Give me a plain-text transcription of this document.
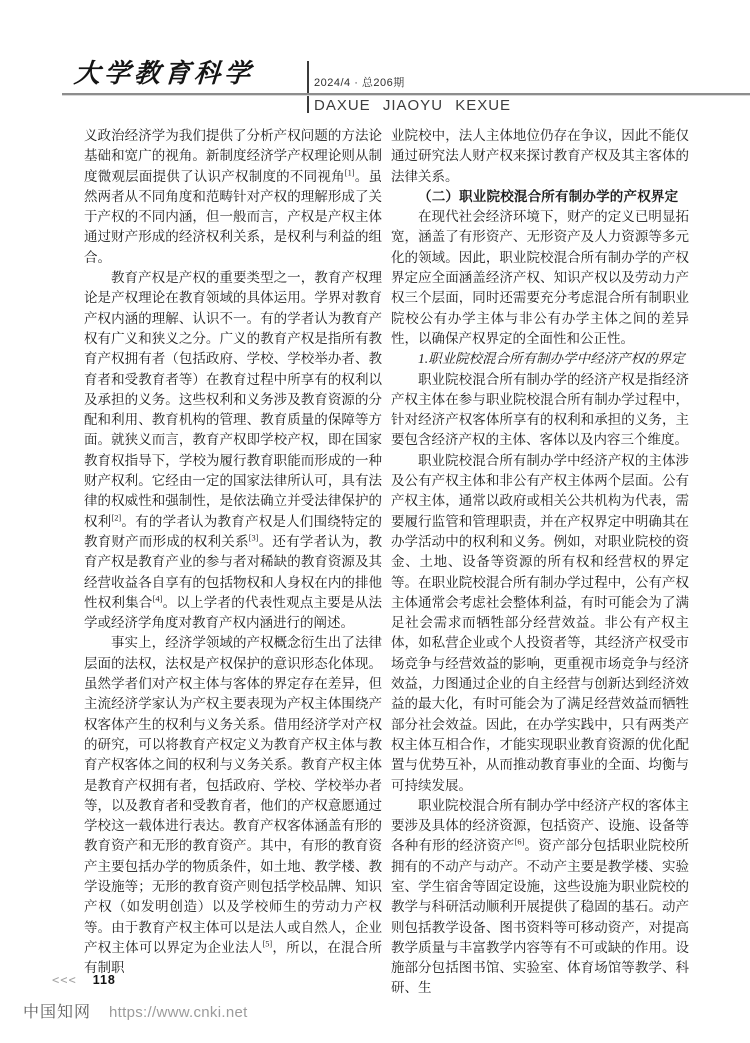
大学教育科学	2024/4 · 总206期
DAXUE JIAOYU KEXUE

义政治经济学为我们提供了分析产权问题的方法论基础和宽广的视角。新制度经济学产权理论则从制度微观层面提供了认识产权制度的不同视角[1]。虽然两者从不同角度和范畴针对产权的理解形成了关于产权的不同内涵，但一般而言，产权是产权主体通过财产形成的经济权利关系，是权利与利益的组合。

教育产权是产权的重要类型之一，教育产权理论是产权理论在教育领域的具体运用。学界对教育产权内涵的理解、认识不一。有的学者认为教育产权有广义和狭义之分。广义的教育产权是指所有教育产权拥有者（包括政府、学校、学校举办者、教育者和受教育者等）在教育过程中所享有的权利以及承担的义务。这些权利和义务涉及教育资源的分配和利用、教育机构的管理、教育质量的保障等方面。就狭义而言，教育产权即学校产权，即在国家教育权指导下，学校为履行教育职能而形成的一种财产权利。它经由一定的国家法律所认可，具有法律的权威性和强制性，是依法确立并受法律保护的权利[2]。有的学者认为教育产权是人们围绕特定的教育财产而形成的权利关系[3]。还有学者认为，教育产权是教育产业的参与者对稀缺的教育资源及其经营收益各自享有的包括物权和人身权在内的排他性权利集合[4]。以上学者的代表性观点主要是从法学或经济学角度对教育产权内涵进行的阐述。

事实上，经济学领域的产权概念衍生出了法律层面的法权，法权是产权保护的意识形态化体现。虽然学者们对产权主体与客体的界定存在差异，但主流经济学家认为产权主要表现为产权主体围绕产权客体产生的权利与义务关系。借用经济学对产权的研究，可以将教育产权定义为教育产权主体与教育产权客体之间的权利与义务关系。教育产权主体是教育产权拥有者，包括政府、学校、学校举办者等，以及教育者和受教育者，他们的产权意愿通过学校这一载体进行表达。教育产权客体涵盖有形的教育资产和无形的教育资产。其中，有形的教育资产主要包括办学的物质条件，如土地、教学楼、教学设施等；无形的教育资产则包括学校品牌、知识产权（如发明创造）以及学校师生的劳动力产权等。由于教育产权主体可以是法人或自然人，企业产权主体可以界定为企业法人[5]，所以，在混合所有制职

业院校中，法人主体地位仍存在争议，因此不能仅通过研究法人财产权来探讨教育产权及其主客体的法律关系。

（二）职业院校混合所有制办学的产权界定

在现代社会经济环境下，财产的定义已明显拓宽，涵盖了有形资产、无形资产及人力资源等多元化的领域。因此，职业院校混合所有制办学的产权界定应全面涵盖经济产权、知识产权以及劳动力产权三个层面，同时还需要充分考虑混合所有制职业院校公有办学主体与非公有办学主体之间的差异性，以确保产权界定的全面性和公正性。

1.职业院校混合所有制办学中经济产权的界定

职业院校混合所有制办学的经济产权是指经济产权主体在参与职业院校混合所有制办学过程中，针对经济产权客体所享有的权利和承担的义务，主要包含经济产权的主体、客体以及内容三个维度。

职业院校混合所有制办学中经济产权的主体涉及公有产权主体和非公有产权主体两个层面。公有产权主体，通常以政府或相关公共机构为代表，需要履行监管和管理职责，并在产权界定中明确其在办学活动中的权利和义务。例如，对职业院校的资金、土地、设备等资源的所有权和经营权的界定等。在职业院校混合所有制办学过程中，公有产权主体通常会考虑社会整体利益，有时可能会为了满足社会需求而牺牲部分经营效益。非公有产权主体，如私营企业或个人投资者等，其经济产权受市场竞争与经营效益的影响，更重视市场竞争与经济效益，力图通过企业的自主经营与创新达到经济效益的最大化，有时可能会为了满足经营效益而牺牲部分社会效益。因此，在办学实践中，只有两类产权主体互相合作，才能实现职业教育资源的优化配置与优势互补，从而推动教育事业的全面、均衡与可持续发展。

职业院校混合所有制办学中经济产权的客体主要涉及具体的经济资源，包括资产、设施、设备等各种有形的经济资产[6]。资产部分包括职业院校所拥有的不动产与动产。不动产主要是教学楼、实验室、学生宿舍等固定设施，这些设施为职业院校的教学与科研活动顺利开展提供了稳固的基石。动产则包括教学设备、图书资料等可移动资产，对提高教学质量与丰富教学内容等有不可或缺的作用。设施部分包括图书馆、实验室、体育场馆等教学、科研、生

<<< 118
中国知网 https://www.cnki.net
